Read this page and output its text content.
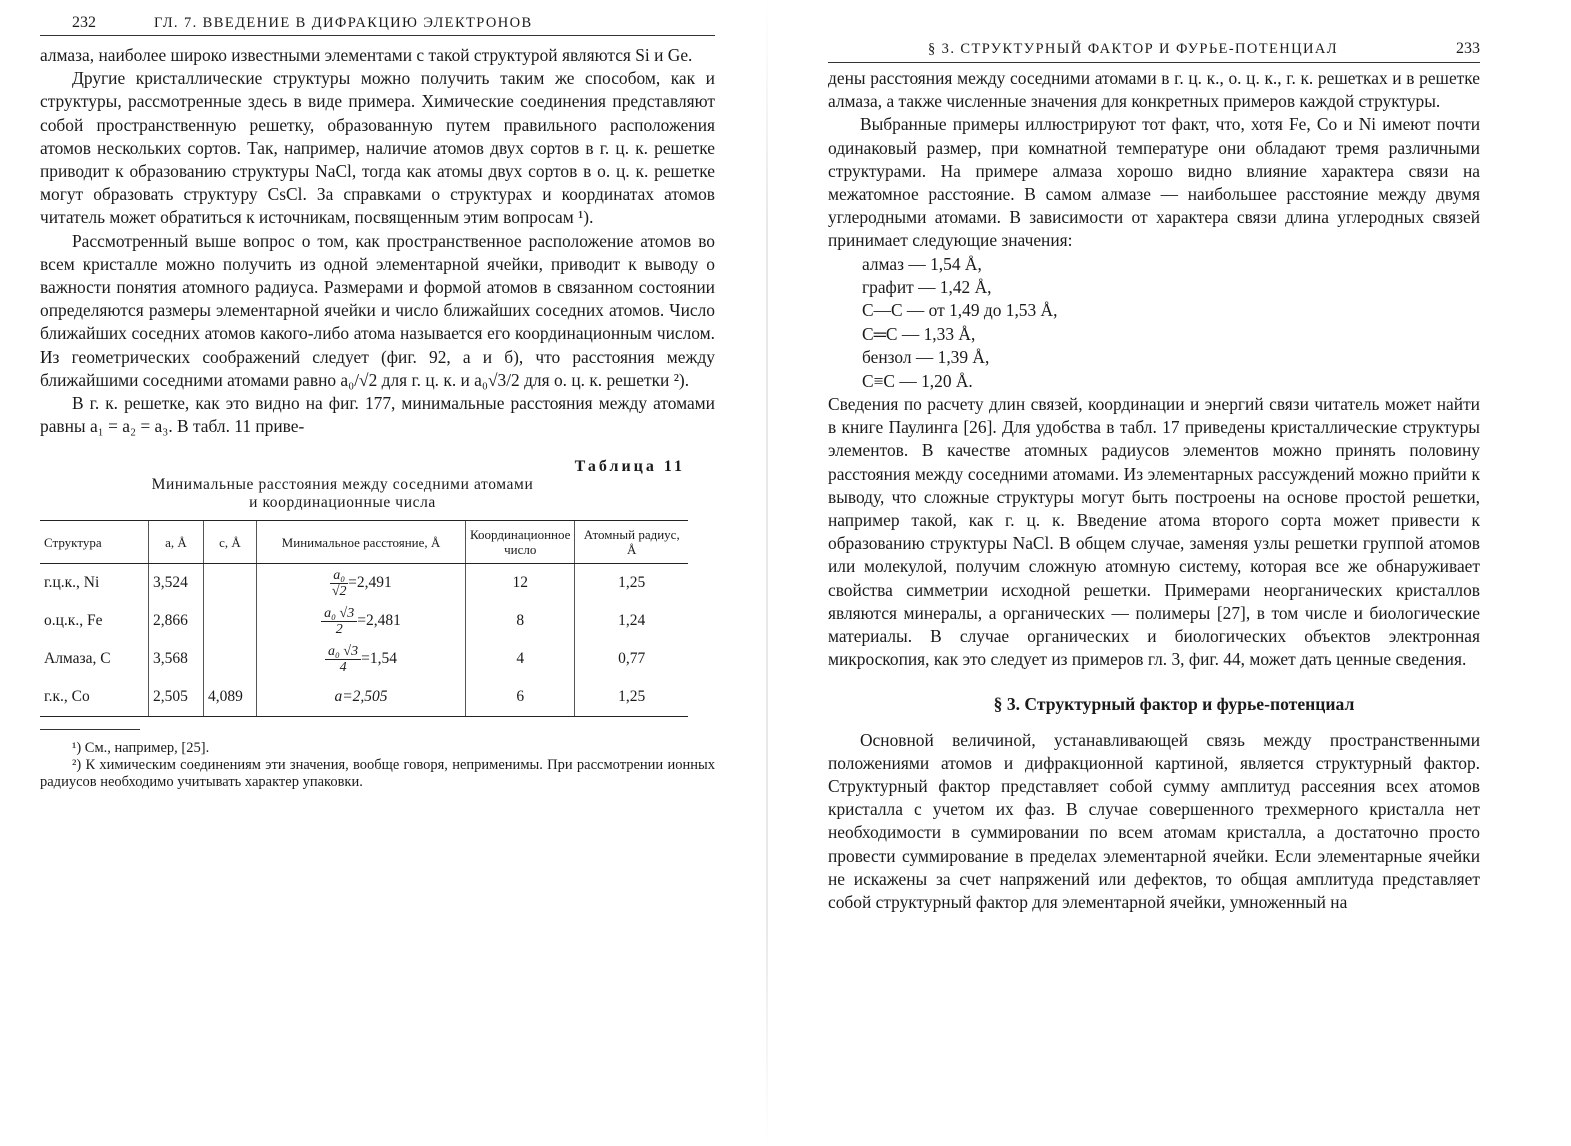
232	ГЛ. 7. ВВЕДЕНИЕ В ДИФРАКЦИЮ ЭЛЕКТРОНОВ

алмаза, наиболее широко известными элементами с такой структурой являются Si и Ge.

Другие кристаллические структуры можно получить таким же способом, как и структуры, рассмотренные здесь в виде примера. Химические соединения представляют собой пространственную решетку, образованную путем правильного расположения атомов нескольких сортов. Так, например, наличие атомов двух сортов в г. ц. к. решетке приводит к образованию структуры NaCl, тогда как атомы двух сортов в о. ц. к. решетке могут образовать структуру CsCl. За справками о структурах и координатах атомов читатель может обратиться к источникам, посвященным этим вопросам ¹).

Рассмотренный выше вопрос о том, как пространственное расположение атомов во всем кристалле можно получить из одной элементарной ячейки, приводит к выводу о важности понятия атомного радиуса. Размерами и формой атомов в связанном состоянии определяются размеры элементарной ячейки и число ближайших соседних атомов. Число ближайших соседних атомов какого-либо атома называется его координационным числом. Из геометрических соображений следует (фиг. 92, а и б), что расстояния между ближайшими соседними атомами равно a₀/√2 для г. ц. к. и a₀√3/2 для о. ц. к. решетки ²).

В г. к. решетке, как это видно на фиг. 177, минимальные расстояния между атомами равны a₁ = a₂ = a₃. В табл. 11 приве-

Таблица 11
Минимальные расстояния между соседними атомами
и координационные числа
Структура	a, Å	c, Å	Минимальное расстояние, Å	Координационное число	Атомный радиус, Å
г.ц.к., Ni	3,524		$\frac{\text{a₀}}{√2} =2,491$	12	1,25
о.ц.к., Fe	2,866		$\frac{\text{a₀ √3}}{2} =2,481$	8	1,24
Алмаза, C	3,568		$\frac{\text{a₀ √3}}{4} =1,54$	4	0,77
г.к., Co	2,505	4,089	a=2,505	6	1,25
¹) См., например, [25].
²) К химическим соединениям эти значения, вообще говоря, неприменимы. При рассмотрении ионных радиусов необходимо учитывать характер упаковки.
§ 3. СТРУКТУРНЫЙ ФАКТОР И ФУРЬЕ-ПОТЕНЦИАЛ	233

дены расстояния между соседними атомами в г. ц. к., о. ц. к., г. к. решетках и в решетке алмаза, а также численные значения для конкретных примеров каждой структуры.

Выбранные примеры иллюстрируют тот факт, что, хотя Fe, Co и Ni имеют почти одинаковый размер, при комнатной температуре они обладают тремя различными структурами. На примере алмаза хорошо видно влияние характера связи на межатомное расстояние. В самом алмазе — наибольшее расстояние между двумя углеродными атомами. В зависимости от характера связи длина углеродных связей принимает следующие значения:

алмаз — 1,54 Å,
графит — 1,42 Å,
C—C — от 1,49 до 1,53 Å,
C═C — 1,33 Å,
бензол — 1,39 Å,
C≡C — 1,20 Å.

Сведения по расчету длин связей, координации и энергий связи читатель может найти в книге Паулинга [26]. Для удобства в табл. 17 приведены кристаллические структуры элементов. В качестве атомных радиусов элементов можно принять половину расстояния между соседними атомами. Из элементарных рассуждений можно прийти к выводу, что сложные структуры могут быть построены на основе простой решетки, например такой, как г. ц. к. Введение атома второго сорта может привести к образованию структуры NaCl. В общем случае, заменяя узлы решетки группой атомов или молекулой, получим сложную атомную систему, которая все же обнаруживает свойства симметрии исходной решетки. Примерами неорганических кристаллов являются минералы, а органических — полимеры [27], в том числе и биологические материалы. В случае органических и биологических объектов электронная микроскопия, как это следует из примеров гл. 3, фиг. 44, может дать ценные сведения.

§ 3. Структурный фактор и фурье-потенциал

Основной величиной, устанавливающей связь между пространственными положениями атомов и дифракционной картиной, является структурный фактор. Структурный фактор представляет собой сумму амплитуд рассеяния всех атомов кристалла с учетом их фаз. В случае совершенного трехмерного кристалла нет необходимости в суммировании по всем атомам кристалла, а достаточно просто провести суммирование в пределах элементарной ячейки. Если элементарные ячейки не искажены за счет напряжений или дефектов, то общая амплитуда представляет собой структурный фактор для элементарной ячейки, умноженный на
